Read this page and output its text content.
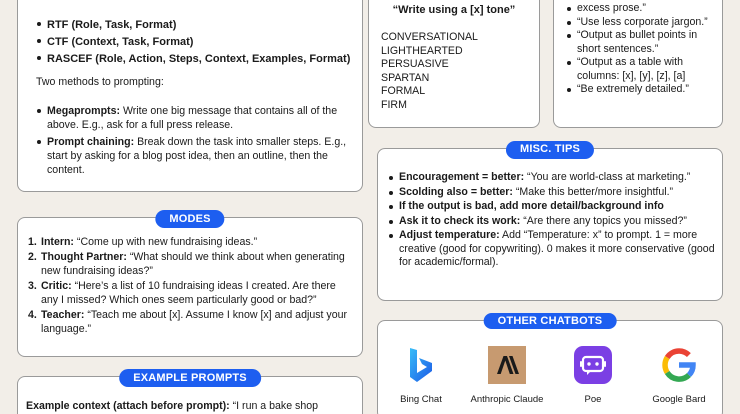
RTF (Role, Task, Format)
CTF (Context, Task, Format)
RASCEF (Role, Action, Steps, Context, Examples, Format)
Two methods to prompting:
Megaprompts: Write one big message that contains all of the above. E.g., ask for a full press release.
Prompt chaining: Break down the task into smaller steps. E.g., start by asking for a blog post idea, then an outline, then the content.
MODES
1. Intern: “Come up with new fundraising ideas.”
2. Thought Partner: “What should we think about when generating new fundraising ideas?”
3. Critic: “Here’s a list of 10 fundraising ideas I created. Are there any I missed? Which ones seem particularly good or bad?”
4. Teacher: “Teach me about [x]. Assume I know [x] and adjust your language.”
EXAMPLE PROMPTS
Example context (attach before prompt): “I run a bake shop
“Write using a [x] tone”
CONVERSATIONAL
LIGHTHEARTED
PERSUASIVE
SPARTAN
FORMAL
FIRM
excess prose.”
“Use less corporate jargon.”
“Output as bullet points in short sentences.”
“Output as a table with columns: [x], [y], [z], [a]
“Be extremely detailed.”
MISC. TIPS
Encouragement = better: “You are world-class at marketing.”
Scolding also = better: “Make this better/more insightful.”
If the output is bad, add more detail/background info
Ask it to check its work: “Are there any topics you missed?”
Adjust temperature: Add “Temperature: x” to prompt. 1 = more creative (good for copywriting). 0 makes it more conservative (good for academic/formal).
OTHER CHATBOTS
Bing Chat	Anthropic Claude	Poe	Google Bard
